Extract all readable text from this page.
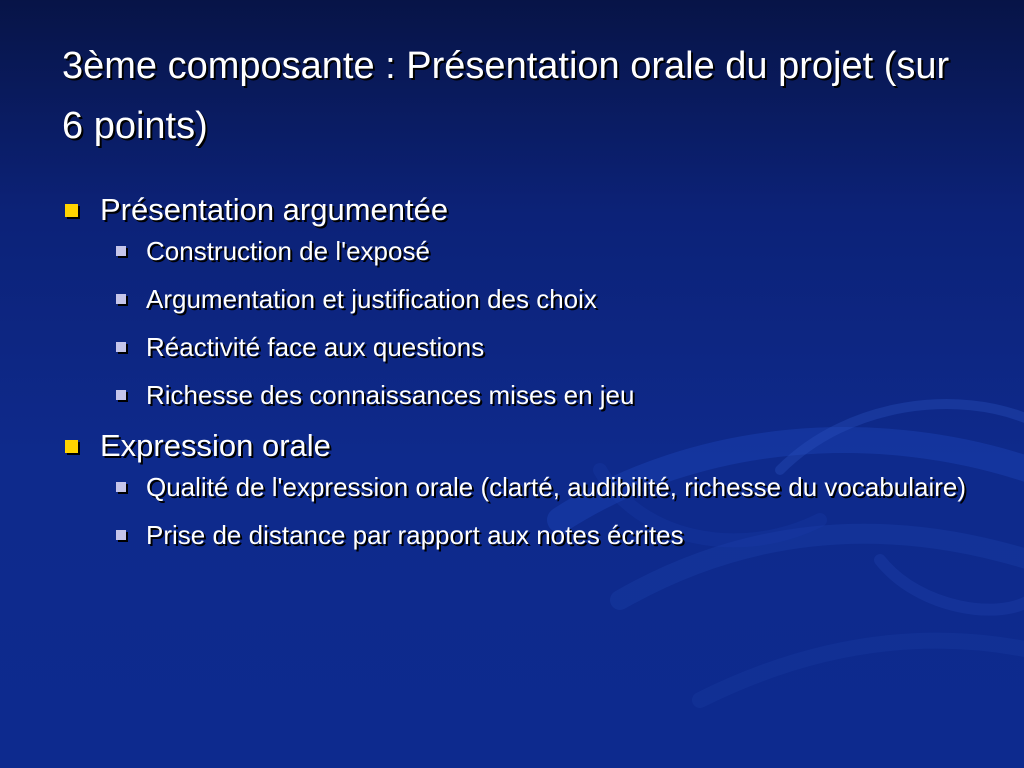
3ème composante : Présentation orale du projet (sur 6 points)
Présentation argumentée
Construction de l'exposé
Argumentation et justification des choix
Réactivité face aux questions
Richesse des connaissances mises en jeu
Expression orale
Qualité de l'expression orale (clarté, audibilité, richesse du vocabulaire)
Prise de distance par rapport aux notes écrites
